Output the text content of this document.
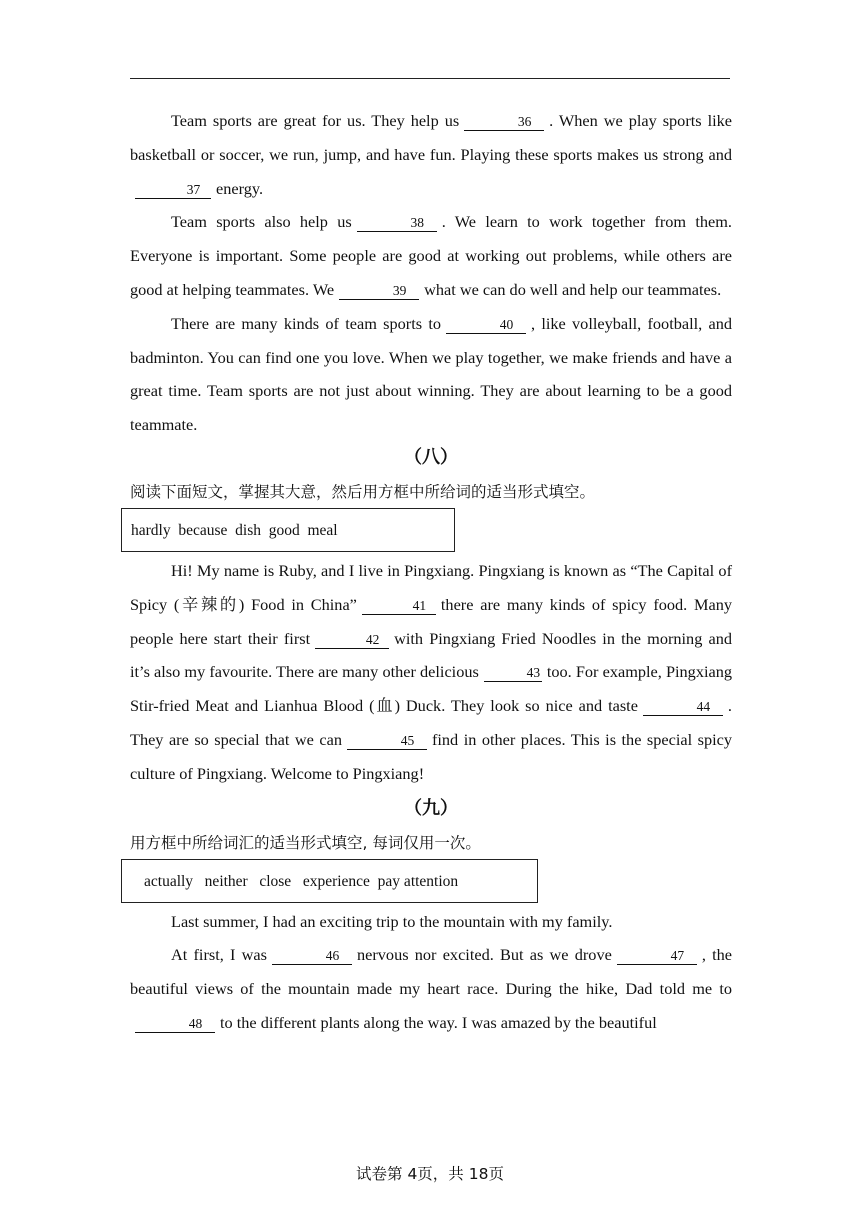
Team sports are great for us. They help us	36 . When we play sports like basketball or soccer, we run, jump, and have fun. Playing these sports makes us strong and37 energy.

Team sports also help us	38 . We learn to work together from them. Everyone is important. Some people are good at working out problems, while others are good at helping teammates. We	39 what we can do well and help our teammates.

There are many kinds of team sports to	40 , like volleyball, football, and badminton. You can find one you love. When we play together, we make friends and have a great time. Team sports are not just about winning. They are about learning to be a good teammate.

（八）
阅读下面短文，掌握其大意，然后用方框中所给词的适当形式填空。
hardly  because  dish  good  meal

Hi! My name is Ruby, and I live in Pingxiang. Pingxiang is known as “The Capital of Spicy (辛辣的) Food in China”	41 there are many kinds of spicy food. Many people here start their first	42 with Pingxiang Fried Noodles in the morning and it’s also my favourite. There are many other delicious	43 too. For example, Pingxiang Stir-fried Meat and Lianhua Blood (血) Duck. They look so nice and taste	44 . They are so special that we can	45 find in other places. This is the special spicy culture of Pingxiang. Welcome to Pingxiang!

（九）
用方框中所给词汇的适当形式填空, 每词仅用一次。
actually   neither   close   experience  pay attention

Last summer, I had an exciting trip to the mountain with my family.

At first, I was	46 nervous nor excited. But as we drove	47 , the beautiful views of the mountain made my heart race. During the hike, Dad told me to48 to the different plants along the way. I was amazed by the beautiful

试卷第 4页，共 18页
